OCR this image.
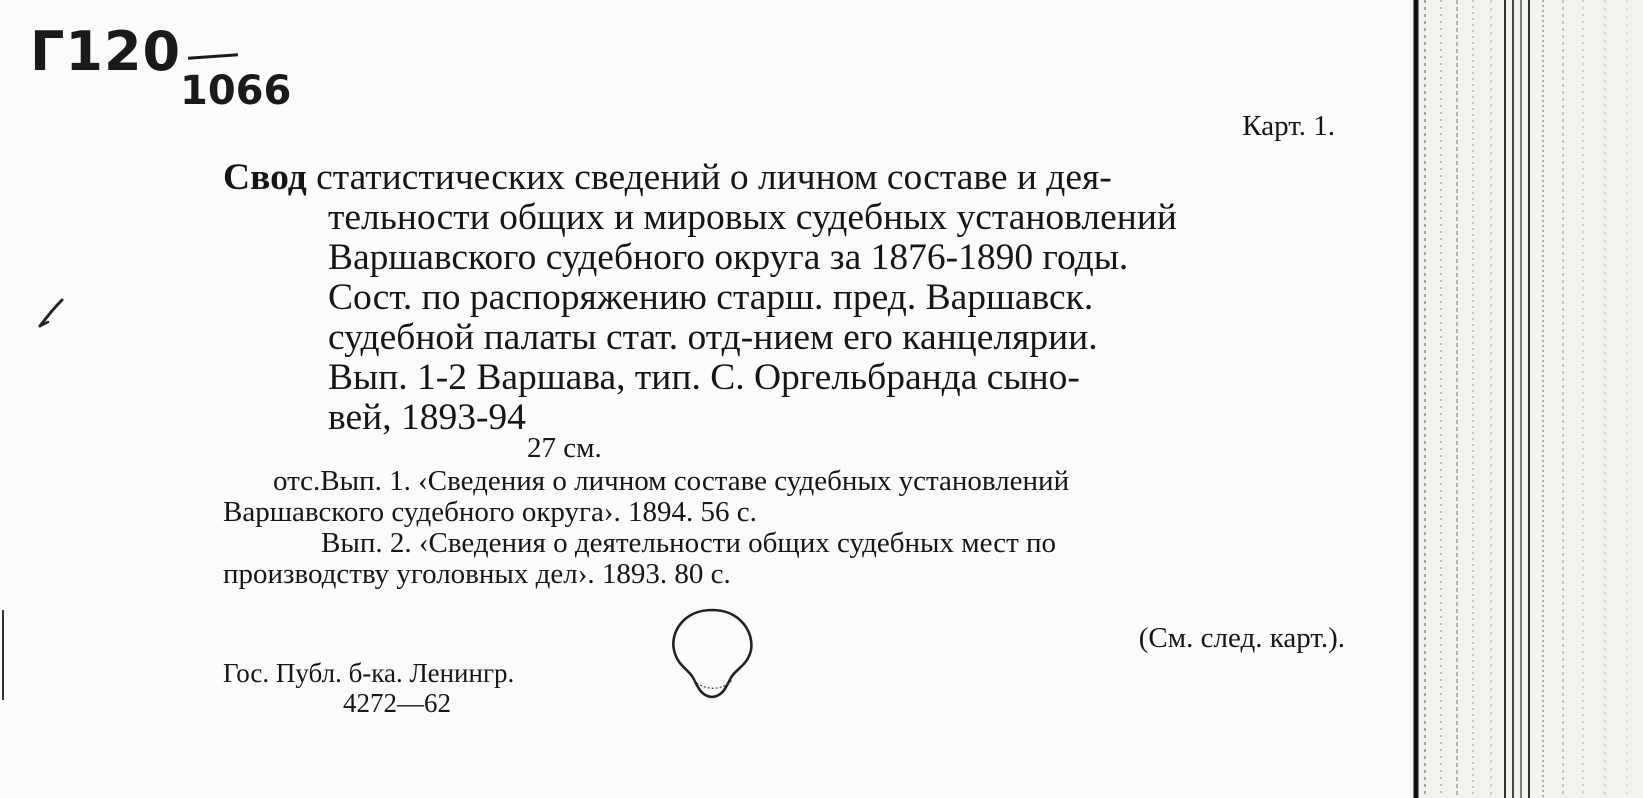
Г120
1066
Карт. 1.
Свод статистических сведений о личном составе и дея-
тельности общих и мировых судебных установлений
Варшавского судебного округа за 1876-1890 годы.
Сост. по распоряжению старш. пред. Варшавск.
судебной палаты стат. отд-нием его канцелярии.
Вып. 1-2 Варшава, тип. С. Оргельбранда сыно-
вей, 1893-94
27 см.
отс.Вып. 1. ‹Сведения о личном составе судебных установлений
Варшавского судебного округа›. 1894. 56 с.
Вып. 2. ‹Сведения о деятельности общих судебных мест по
производству уголовных дел›. 1893. 80 с.
(См. след. карт.).
Гос. Публ. б-ка. Ленингр.
4272—62
